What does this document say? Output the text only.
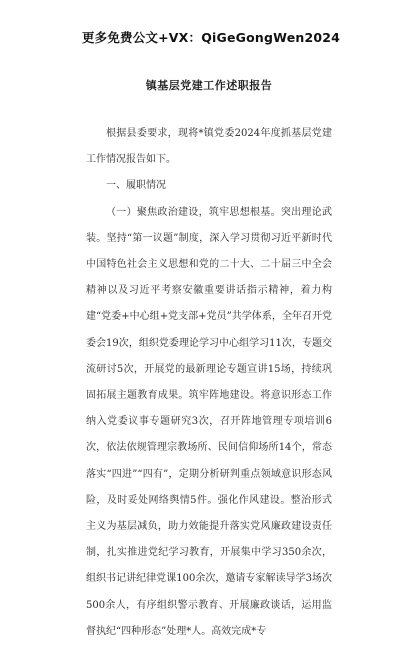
更多免费公文+VX：QiGeGongWen2024
镇基层党建工作述职报告

根据县委要求，现将*镇党委2024年度抓基层党建工作情况报告如下。

一、履职情况

（一）聚焦政治建设，筑牢思想根基。突出理论武装。坚持“第一议题”制度，深入学习贯彻习近平新时代中国特色社会主义思想和党的二十大、二十届三中全会精神以及习近平考察安徽重要讲话指示精神，着力构建“党委+中心组+党支部+党员”共学体系，全年召开党委会19次，组织党委理论学习中心组学习11次，专题交流研讨5次，开展党的最新理论专题宣讲15场，持续巩固拓展主题教育成果。筑牢阵地建设。将意识形态工作纳入党委议事专题研究3次，召开阵地管理专项培训6次，依法依规管理宗教场所、民间信仰场所14个，常态落实“四进”“四有”，定期分析研判重点领域意识形态风险，及时妥处网络舆情5件。强化作风建设。整治形式主义为基层减负，助力效能提升落实党风廉政建设责任制，扎实推进党纪学习教育，开展集中学习350余次，组织书记讲纪律党课100余次，邀请专家解读导学3场次500余人，有序组织警示教育、开展廉政谈话，运用监督执纪“四种形态”处理*人。高效完成*专
